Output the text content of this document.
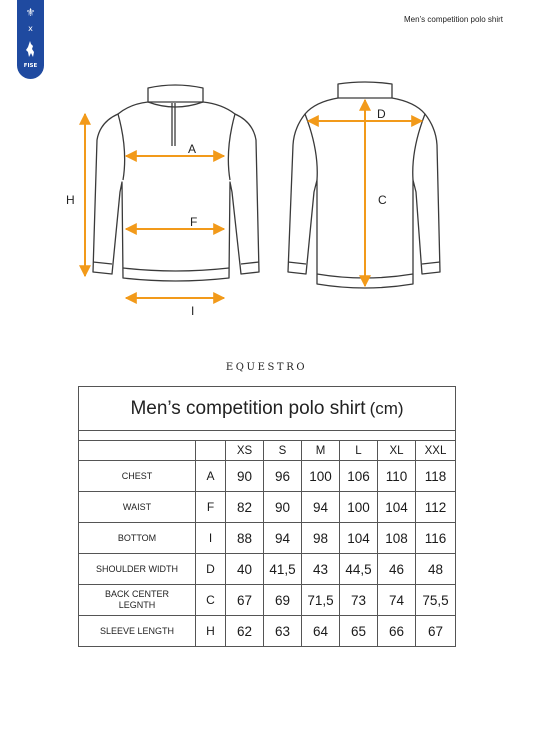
⚜
x
FISE
Men’s competition polo shirt
A
F
I
H
D
C
EQUESTRO
Men’s competition polo shirt (cm)							

		XS	S	M	L	XL	XXL
CHEST	A	90	96	100	106	110	118
WAIST	F	82	90	94	100	104	112
BOTTOM	I	88	94	98	104	108	116
SHOULDER WIDTH	D	40	41,5	43	44,5	46	48

BACK CENTER
LEGNTH	C	67	69	71,5	73	74	75,5
SLEEVE LENGTH	H	62	63	64	65	66	67
